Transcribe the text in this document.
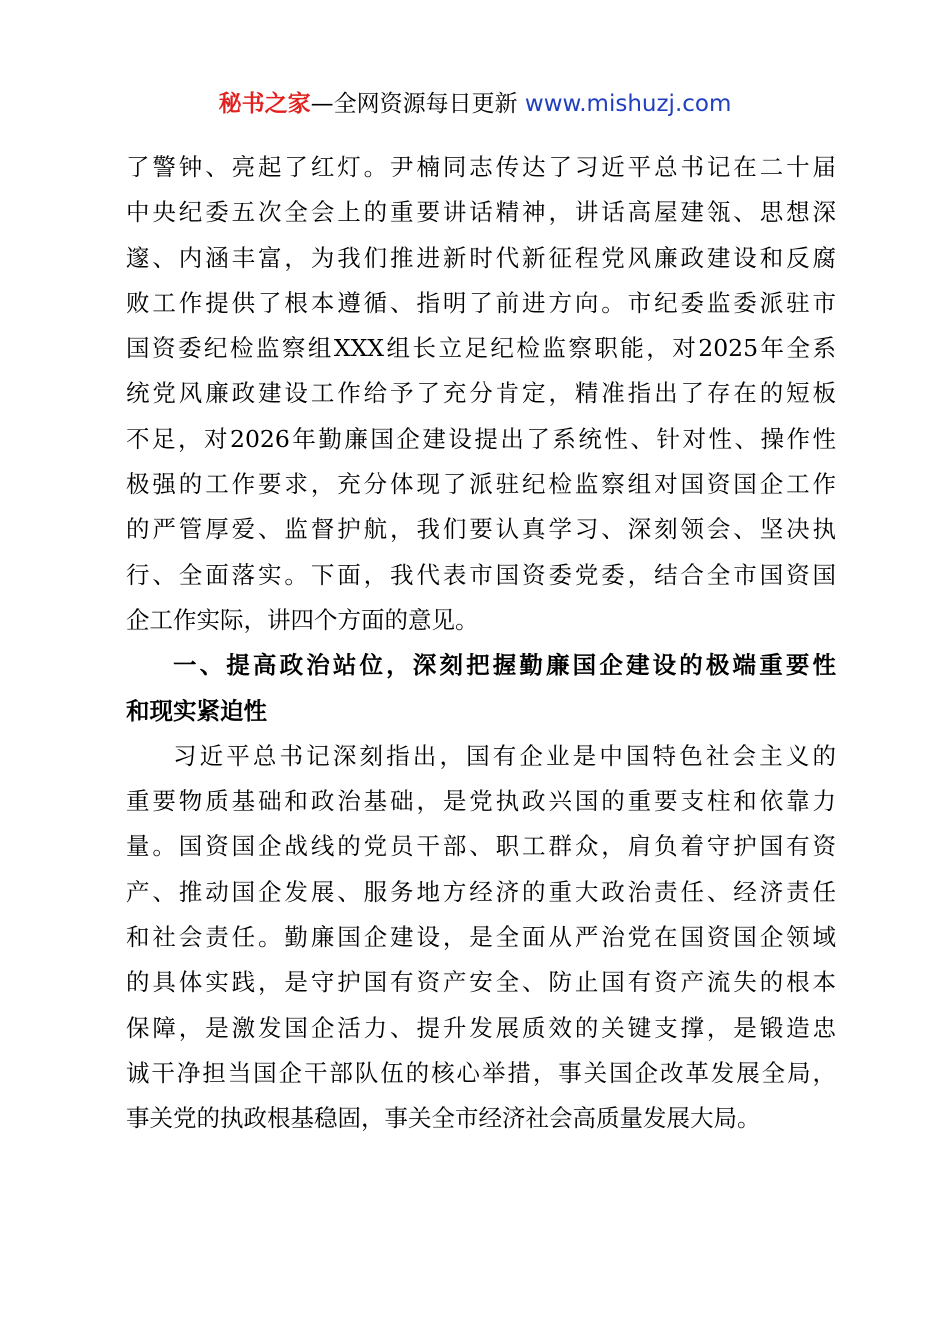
秘书之家—全网资源每日更新 www.mishuzj.com
了警钟、亮起了红灯。尹楠同志传达了习近平总书记在二十届
中央纪委五次全会上的重要讲话精神，讲话高屋建瓴、思想深
邃、内涵丰富，为我们推进新时代新征程党风廉政建设和反腐
败工作提供了根本遵循、指明了前进方向。市纪委监委派驻市
国资委纪检监察组XXX组长立足纪检监察职能，对2025年全系
统党风廉政建设工作给予了充分肯定，精准指出了存在的短板
不足，对2026年勤廉国企建设提出了系统性、针对性、操作性
极强的工作要求，充分体现了派驻纪检监察组对国资国企工作
的严管厚爱、监督护航，我们要认真学习、深刻领会、坚决执
行、全面落实。下面，我代表市国资委党委，结合全市国资国
企工作实际，讲四个方面的意见。
一、提高政治站位，深刻把握勤廉国企建设的极端重要性
和现实紧迫性
习近平总书记深刻指出，国有企业是中国特色社会主义的
重要物质基础和政治基础，是党执政兴国的重要支柱和依靠力
量。国资国企战线的党员干部、职工群众，肩负着守护国有资
产、推动国企发展、服务地方经济的重大政治责任、经济责任
和社会责任。勤廉国企建设，是全面从严治党在国资国企领域
的具体实践，是守护国有资产安全、防止国有资产流失的根本
保障，是激发国企活力、提升发展质效的关键支撑，是锻造忠
诚干净担当国企干部队伍的核心举措，事关国企改革发展全局，
事关党的执政根基稳固，事关全市经济社会高质量发展大局。
